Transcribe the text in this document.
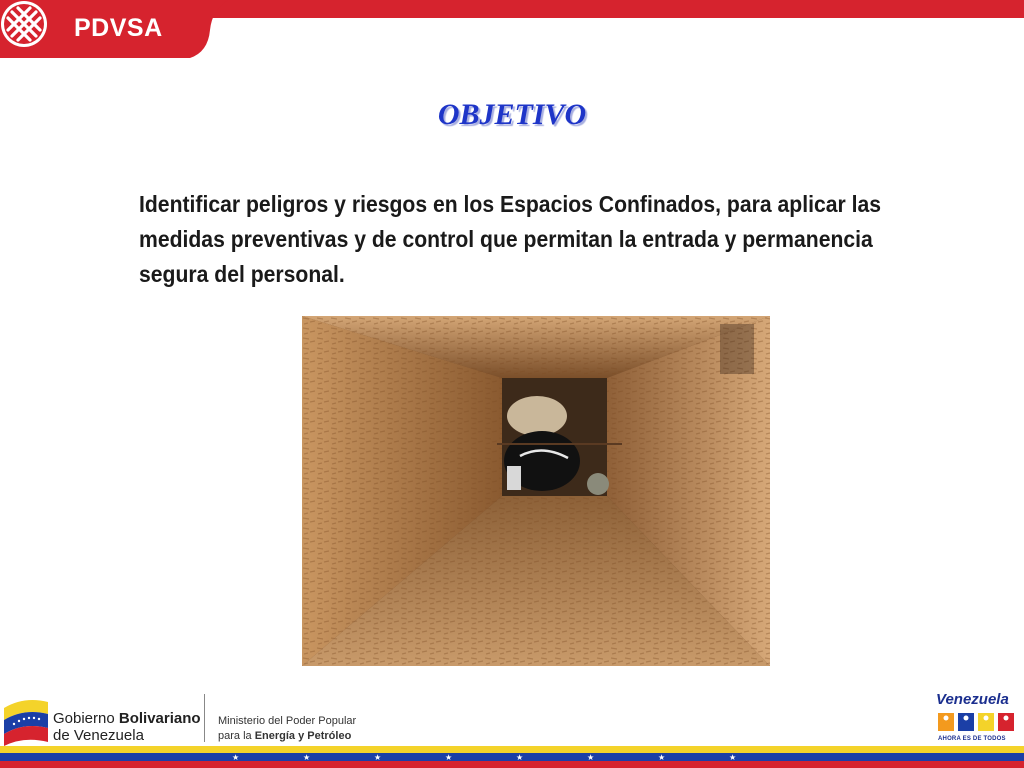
PDVSA
OBJETIVO
Identificar peligros y riesgos en los Espacios Confinados, para aplicar las medidas preventivas y de control que permitan la entrada y permanencia segura del personal.
Gobierno Bolivariano
de Venezuela
Ministerio del Poder Popular
para la Energía y Petróleo
Venezuela
AHORA ES DE TODOS
★	★	★	★	★	★	★	★
